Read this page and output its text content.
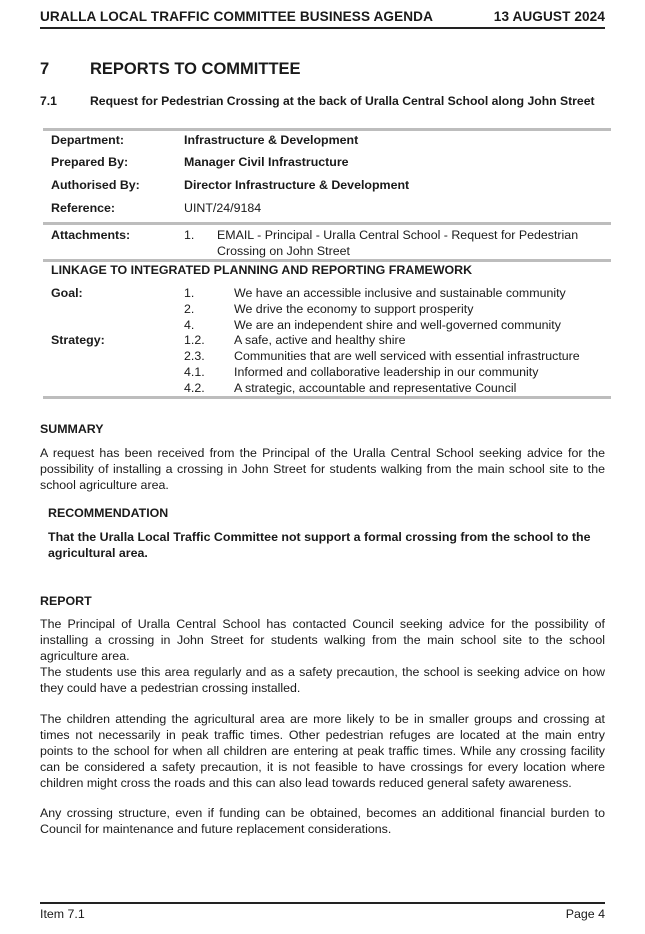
URALLA LOCAL TRAFFIC COMMITTEE BUSINESS AGENDA	13 AUGUST 2024
7	REPORTS TO COMMITTEE
7.1	Request for Pedestrian Crossing at the back of Uralla Central School along John Street
Department:	Infrastructure & Development
Prepared By:	Manager Civil Infrastructure
Authorised By:	Director Infrastructure & Development
Reference:	UINT/24/9184
Attachments:	1. EMAIL - Principal - Uralla Central School - Request for Pedestrian Crossing on John Street
LINKAGE TO INTEGRATED PLANNING AND REPORTING FRAMEWORK
Goal:	1.	We have an accessible inclusive and sustainable community
2.	We drive the economy to support prosperity
4.	We are an independent shire and well-governed community
Strategy:	1.2. A safe, active and healthy shire
2.3. Communities that are well serviced with essential infrastructure
4.1. Informed and collaborative leadership in our community
4.2. A strategic, accountable and representative Council
SUMMARY
A request has been received from the Principal of the Uralla Central School seeking advice for the possibility of installing a crossing in John Street for students walking from the main school site to the school agriculture area.
RECOMMENDATION
That the Uralla Local Traffic Committee not support a formal crossing from the school to the agricultural area.
REPORT
The Principal of Uralla Central School has contacted Council seeking advice for the possibility of installing a crossing in John Street for students walking from the main school site to the school agriculture area.
The students use this area regularly and as a safety precaution, the school is seeking advice on how they could have a pedestrian crossing installed.
The children attending the agricultural area are more likely to be in smaller groups and crossing at times not necessarily in peak traffic times. Other pedestrian refuges are located at the main entry points to the school for when all children are entering at peak traffic times. While any crossing facility can be considered a safety precaution, it is not feasible to have crossings for every location where children might cross the roads and this can also lead towards reduced general safety awareness.
Any crossing structure, even if funding can be obtained, becomes an additional financial burden to Council for maintenance and future replacement considerations.
Item 7.1	Page 4
